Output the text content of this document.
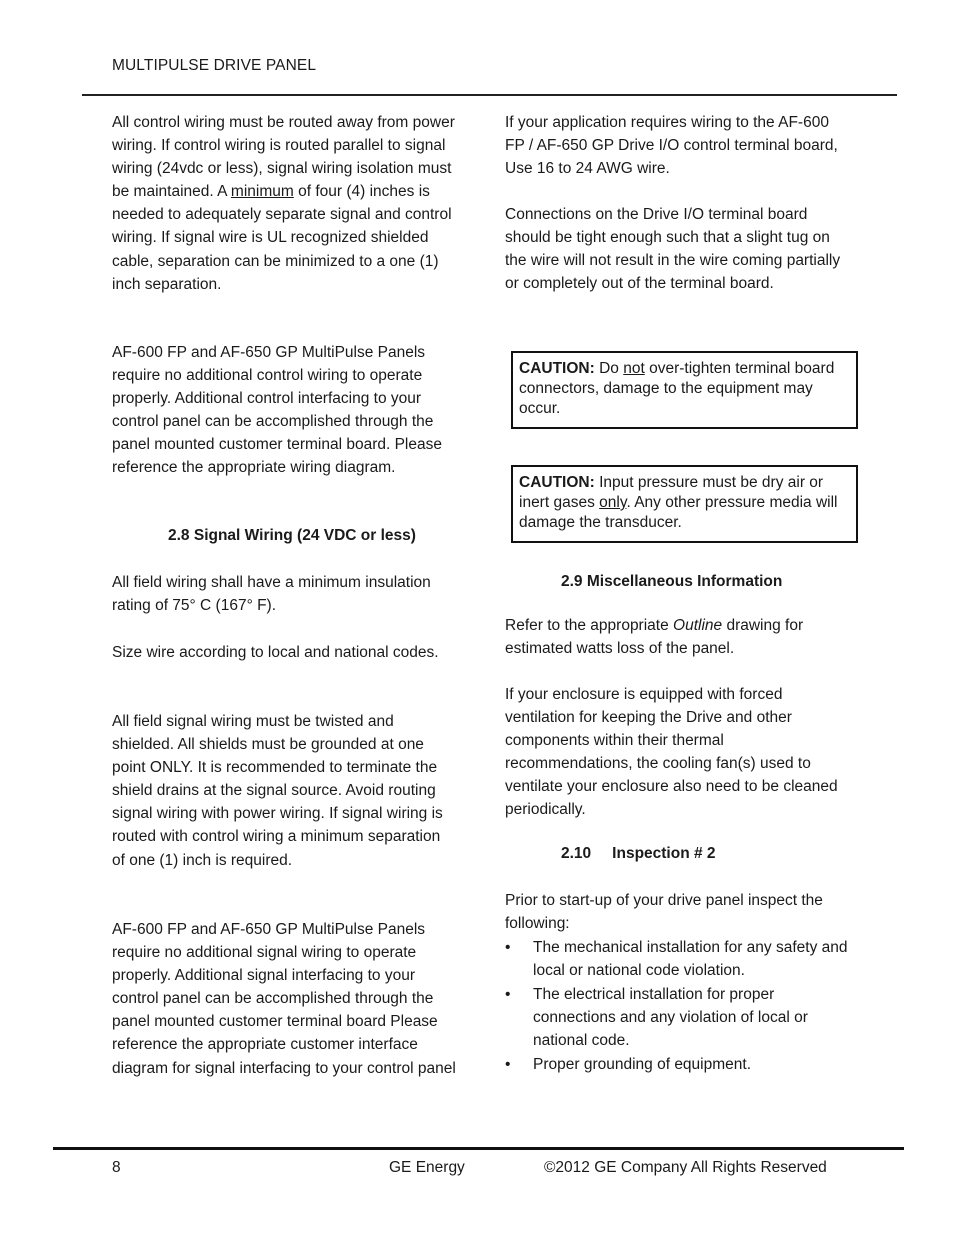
MULTIPULSE DRIVE PANEL
All control wiring must be routed away from power wiring. If control wiring is routed parallel to signal wiring (24vdc or less), signal wiring isolation must be maintained. A minimum of four (4) inches is needed to adequately separate signal and control wiring. If signal wire is UL recognized shielded cable, separation can be minimized to a one (1) inch separation.
AF-600 FP and AF-650 GP MultiPulse Panels require no additional control wiring to operate properly. Additional control interfacing to your control panel can be accomplished through the panel mounted customer terminal board. Please reference the appropriate wiring diagram.
2.8 Signal Wiring (24 VDC or less)
All field wiring shall have a minimum insulation rating of 75° C (167° F).
Size wire according to local and national codes.
All field signal wiring must be twisted and shielded. All shields must be grounded at one point ONLY. It is recommended to terminate the shield drains at the signal source. Avoid routing signal wiring with power wiring. If signal wiring is routed with control wiring a minimum separation of one (1) inch is required.
AF-600 FP and AF-650 GP MultiPulse Panels require no additional signal wiring to operate properly. Additional signal interfacing to your control panel can be accomplished through the panel mounted customer terminal board Please reference the appropriate customer interface diagram for signal interfacing to your control panel
If your application requires wiring to the AF-600 FP / AF-650 GP Drive I/O control terminal board, Use 16 to 24 AWG wire.
Connections on the Drive I/O terminal board should be tight enough such that a slight tug on the wire will not result in the wire coming partially or completely out of the terminal board.
CAUTION: Do not over-tighten terminal board connectors, damage to the equipment may occur.
CAUTION: Input pressure must be dry air or inert gases only. Any other pressure media will damage the transducer.
2.9 Miscellaneous Information
Refer to the appropriate Outline drawing for estimated watts loss of the panel.
If your enclosure is equipped with forced ventilation for keeping the Drive and other components within their thermal recommendations, the cooling fan(s) used to ventilate your enclosure also need to be cleaned periodically.
2.10 Inspection # 2
Prior to start-up of your drive panel inspect the following:
• The mechanical installation for any safety and local or national code violation.
• The electrical installation for proper connections and any violation of local or national code.
• Proper grounding of equipment.
8	GE Energy	©2012 GE Company All Rights Reserved
